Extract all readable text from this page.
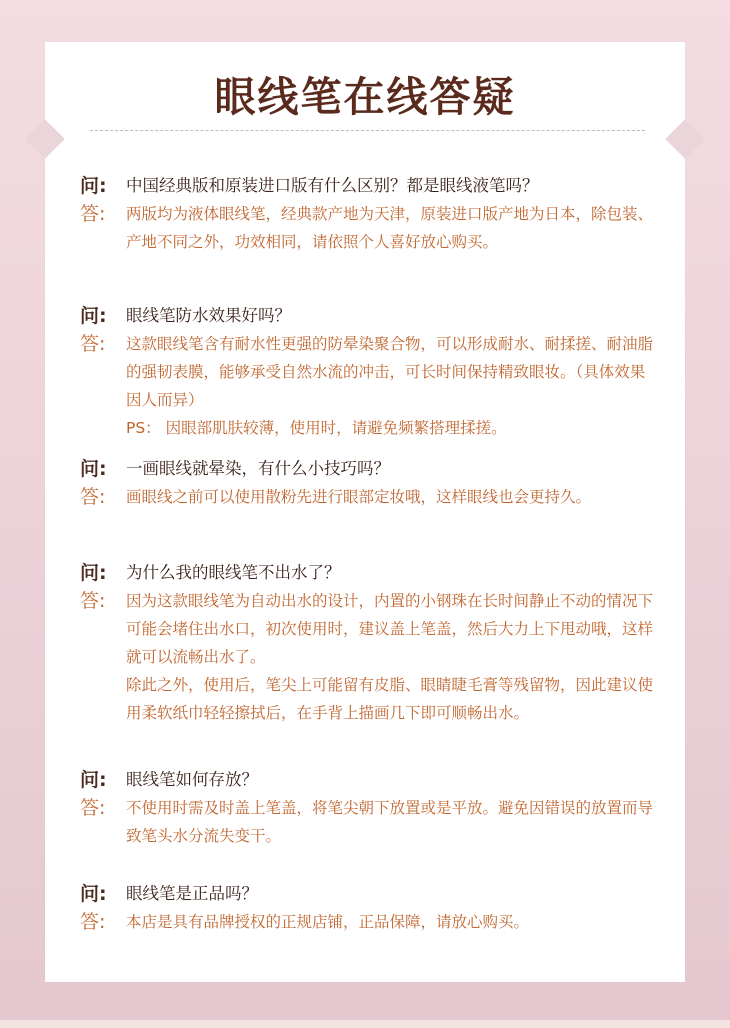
眼线笔在线答疑
问:	中国经典版和原装进口版有什么区别？都是眼线液笔吗？
答:	两版均为液体眼线笔，经典款产地为天津，原装进口版产地为日本，除包装、产地不同之外，功效相同，请依照个人喜好放心购买。

问:	眼线笔防水效果好吗？
答:	这款眼线笔含有耐水性更强的防晕染聚合物，可以形成耐水、耐揉搓、耐油脂的强韧表膜，能够承受自然水流的冲击，可长时间保持精致眼妆。（具体效果因人而异）

PS： 因眼部肌肤较薄，使用时，请避免频繁搭理揉搓。

问:	一画眼线就晕染，有什么小技巧吗？
答:	画眼线之前可以使用散粉先进行眼部定妆哦，这样眼线也会更持久。

问:	为什么我的眼线笔不出水了？
答:	因为这款眼线笔为自动出水的设计，内置的小钢珠在长时间静止不动的情况下可能会堵住出水口，初次使用时，建议盖上笔盖，然后大力上下甩动哦，这样就可以流畅出水了。

除此之外，使用后，笔尖上可能留有皮脂、眼睛睫毛膏等残留物，因此建议使用柔软纸巾轻轻擦拭后，在手背上描画几下即可顺畅出水。

问:	眼线笔如何存放？
答:	不使用时需及时盖上笔盖，将笔尖朝下放置或是平放。避免因错误的放置而导致笔头水分流失变干。

问:	眼线笔是正品吗？
答:	本店是具有品牌授权的正规店铺，正品保障，请放心购买。
